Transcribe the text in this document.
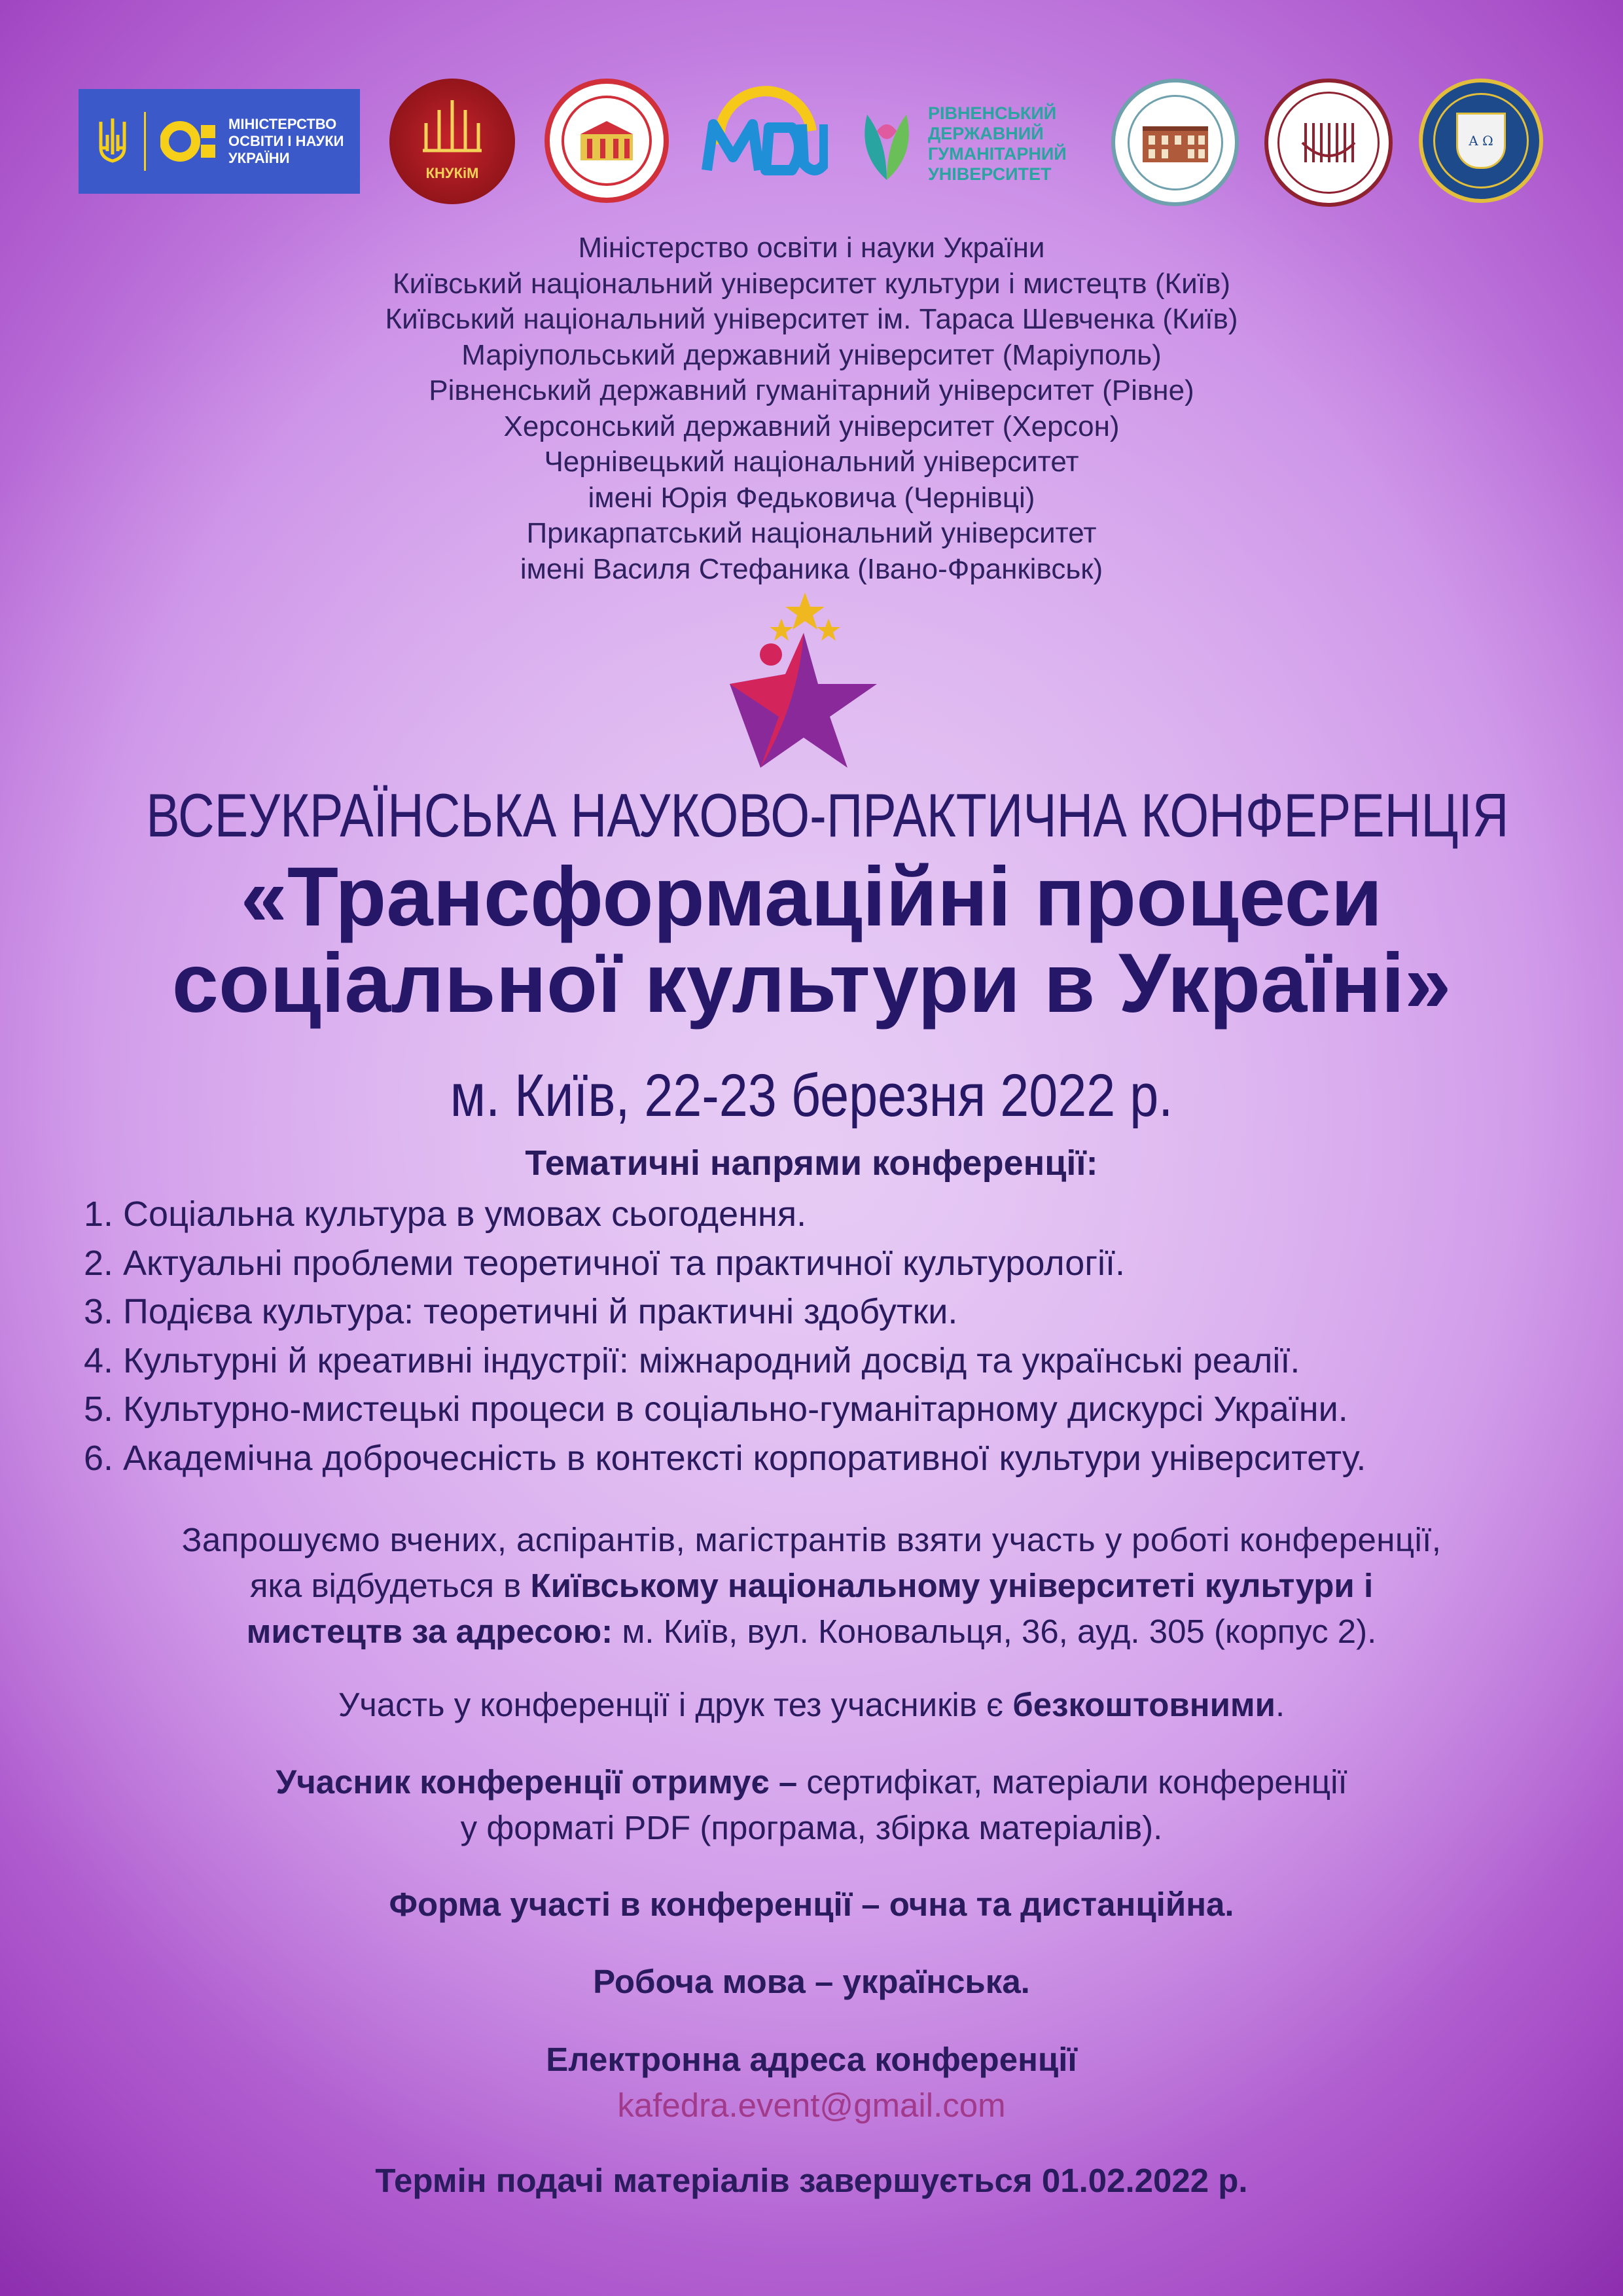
МІНІСТЕРСТВО
ОСВІТИ І НАУКИ
УКРАЇНИ
КНУКіМ
РІВНЕНСЬКИЙ
ДЕРЖАВНИЙ
ГУМАНІТАРНИЙ
УНІВЕРСИТЕТ
A Ω
Міністерство освіти і науки України
Київський національний університет культури і мистецтв (Київ)
Київський національний університет ім. Тараса Шевченка (Київ)
Маріупольський державний університет (Маріуполь)
Рівненський державний гуманітарний університет (Рівне)
Херсонський державний університет (Херсон)
Чернівецький національний університет
імені Юрія Федьковича (Чернівці)
Прикарпатський національний університет
імені Василя Стефаника (Івано-Франківськ)
ВСЕУКРАЇНСЬКА НАУКОВО-ПРАКТИЧНА КОНФЕРЕНЦІЯ
«Трансформаційні процеси
соціальної культури в Україні»
м. Київ, 22-23 березня 2022 р.
Тематичні напрями конференції:
1. Соціальна культура в умовах сьогодення.
2. Актуальні проблеми теоретичної та практичної культурології.
3. Подієва культура: теоретичні й практичні здобутки.
4. Культурні й креативні індустрії: міжнародний досвід та українські реалії.
5. Культурно-мистецькі процеси в соціально-гуманітарному дискурсі України.
6. Академічна доброчесність в контексті корпоративної культури університету.
Запрошуємо вчених, аспірантів, магістрантів взяти участь у роботі конференції,
яка відбудеться в Київському національному університеті культури і
мистецтв за адресою: м. Київ, вул. Коновальця, 36, ауд. 305 (корпус 2).
Участь у конференції і друк тез учасників є безкоштовними.
Учасник конференції отримує – сертифікат, матеріали конференції
у форматі PDF (програма, збірка матеріалів).
Форма участі в конференції – очна та дистанційна.
Робоча мова – українська.
Електронна адреса конференції
kafedra.event@gmail.com
Термін подачі матеріалів завершується 01.02.2022 р.
